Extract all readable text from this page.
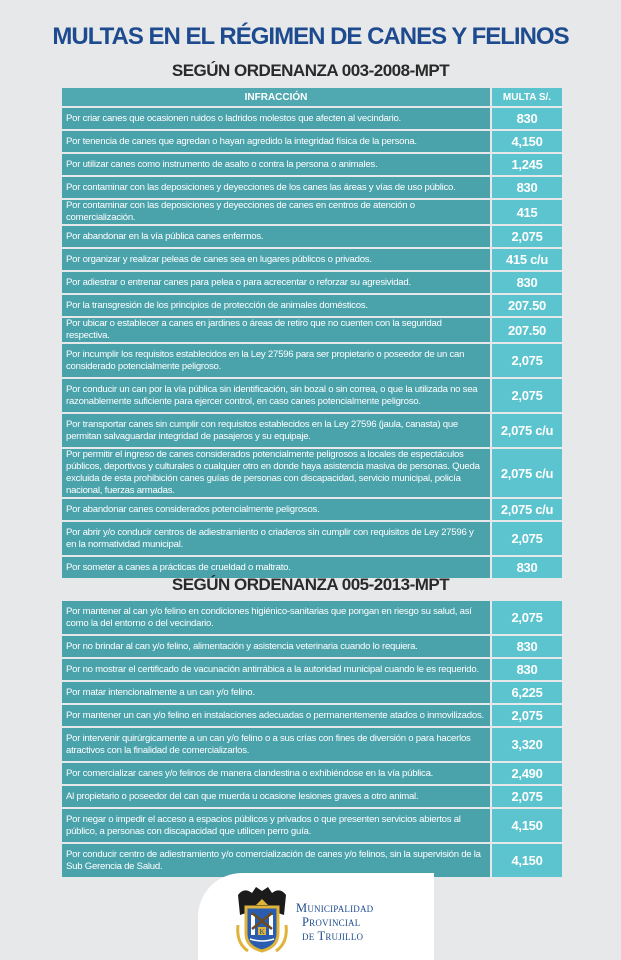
MULTAS EN EL RÉGIMEN DE CANES Y FELINOS
SEGÚN ORDENANZA 003-2008-MPT
INFRACCIÓN	MULTA S/.
Por criar canes que ocasionen ruidos o ladridos molestos que afecten al vecindario.	830
Por tenencia de canes que agredan o hayan agredido la integridad física de la persona.	4,150
Por utilizar canes como instrumento de asalto o contra la persona o animales.	1,245
Por contaminar con las deposiciones y deyecciones de los canes las áreas y vías de uso público.	830
Por contaminar con las deposiciones y deyecciones de canes en centros de atención o comercialización.	415
Por abandonar en la vía pública canes enfermos.	2,075
Por organizar y realizar peleas de canes sea en lugares públicos o privados.	415 c/u
Por adiestrar o entrenar canes para pelea o para acrecentar o reforzar su agresividad.	830
Por la transgresión de los principios de protección de animales domésticos.	207.50
Por ubicar o establecer a canes en jardines o áreas de retiro que no cuenten con la seguridad respectiva.	207.50
Por incumplir los requisitos establecidos en la Ley 27596 para ser propietario o poseedor de un can considerado potencialmente peligroso.	2,075
Por conducir un can por la vía pública sin identificación, sin bozal o sin correa, o que la utilizada no sea razonablemente suficiente para ejercer control, en caso canes potencialmente peligroso.	2,075
Por transportar canes sin cumplir con requisitos establecidos en la Ley 27596 (jaula, canasta) que permitan salvaguardar integridad de pasajeros y su equipaje.	2,075 c/u
Por permitir el ingreso de canes considerados potencialmente peligrosos a locales de espectáculos públicos, deportivos y culturales o cualquier otro en donde haya asistencia masiva de personas. Queda excluida de esta prohibición canes guías de personas con discapacidad, servicio municipal, policía nacional, fuerzas armadas.	2,075 c/u
Por abandonar canes considerados potencialmente peligrosos.	2,075 c/u
Por abrir y/o conducir centros de adiestramiento o criaderos sin cumplir con requisitos de Ley 27596 y en la normatividad municipal.	2,075
Por someter a canes a prácticas de crueldad o maltrato.	830
SEGÚN ORDENANZA 005-2013-MPT
Por mantener al can y/o felino en condiciones higiénico-sanitarias que pongan en riesgo su salud, así como la del entorno o del vecindario.	2,075
Por no brindar al can y/o felino, alimentación y asistencia veterinaria cuando lo requiera.	830
Por no mostrar el certificado de vacunación antirrábica a la autoridad municipal cuando le es requerido.	830
Por matar intencionalmente a un can y/o felino.	6,225
Por mantener un can y/o felino en instalaciones adecuadas o permanentemente atados o inmovilizados.	2,075
Por intervenir quirúrgicamente a un can y/o felino o a sus crías con fines de diversión o para hacerlos atractivos con la finalidad de comercializarlos.	3,320
Por comercializar canes y/o felinos de manera clandestina o exhibiéndose en la vía pública.	2,490
Al propietario o poseedor del can que muerda u ocasione lesiones graves a otro animal.	2,075
Por negar o impedir el acceso a espacios públicos y privados o que presenten servicios abiertos al público, a personas con discapacidad que utilicen perro guía.	4,150
Por conducir centro de adiestramiento y/o comercialización de canes y/o felinos, sin la supervisión de la Sub Gerencia de Salud.	4,150
K
Municipalidad
Provincial
de Trujillo
